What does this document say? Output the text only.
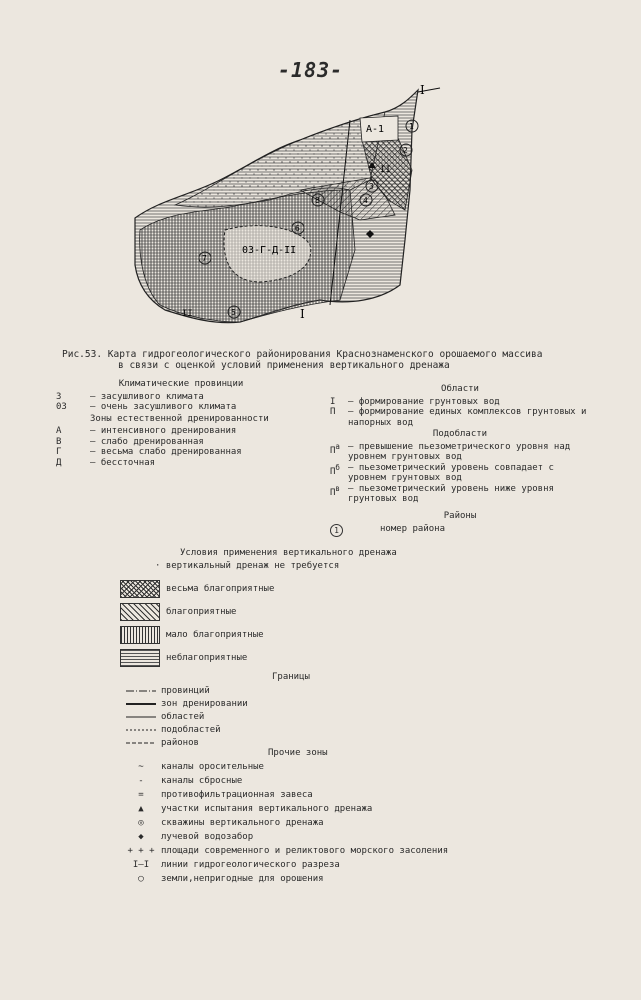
-183-
I
I
А-1
II
03-Г-Д-II
II
1
2
3
4
5
6
7
8
Рис.53. Карта гидрогеологического районирования Краснознаменского орошаемого массива
в связи с оценкой условий применения вертикального дренажа
Климатические провинции
3	– засушливого климата
03	– очень засушливого климата
Зоны естественной дренированности
А	– интенсивного дренирования
В	– слабо дренированная
Г	– весьма слабо дренированная
Д	– бессточная
Области
I	– формирование грунтовых вод
П	– формирование единых комплексов грунтовых и напорных вод
Подобласти
$П^а$ – превышение пьезометрического уровня над уровнем грунтовых вод
$П^б$ – пьезометрический уровень совпадает с уровнем грунтовых вод
$П^в$ – пьезометрический уровень ниже уровня грунтовых вод
Районы
1	номер района
Условия применения вертикального дренажа
· вертикальный дренаж не требуется
весьма благоприятные
благоприятные
мало благоприятные
неблагоприятные
Границы
провинций
зон дренировании
областей
подобластей
районов
Прочие зоны
~	каналы оросительные
-	каналы сбросные
=	противофильтрационная завеса
▲	участки испытания вертикального дренажа
◎	скважины вертикального дренажа
◆	лучевой водозабор
+ + + площади современного и реликтового морского засоления
I—I	линии гидрогеологического разреза
◯	земли,непригодные для орошения
